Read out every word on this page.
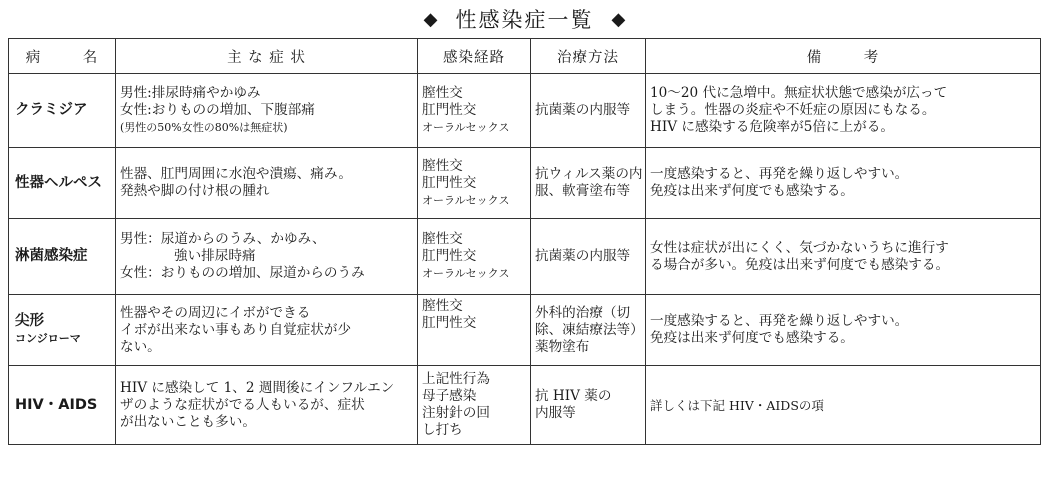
◆ 性感染症一覧 ◆
病　名	主 な 症 状	感染経路	治療方法	備　考

クラミジア	男性:排尿時痛やかゆみ
女性:おりものの増加、下腹部痛
(男性の50%女性の80%は無症状)	膣性交
肛門性交
オーラルセックス	抗菌薬の内服等	10～20 代に急増中。無症状状態で感染が広って
しまう。性器の炎症や不妊症の原因にもなる。
HIV に感染する危険率が5倍に上がる。

性器ヘルペス	性器、肛門周囲に水泡や潰瘍、痛み。
発熱や脚の付け根の腫れ	膣性交
肛門性交
オーラルセックス	抗ウィルス薬の内
服、軟膏塗布等	一度感染すると、再発を繰り返しやすい。
免疫は出来ず何度でも感染する。

淋菌感染症	男性：尿道からのうみ、かゆみ、
強い排尿時痛
女性：おりものの増加、尿道からのうみ	膣性交
肛門性交
オーラルセックス	抗菌薬の内服等	女性は症状が出にくく、気づかないうちに進行す
る場合が多い。免疫は出来ず何度でも感染する。

尖形
コンジローマ	性器やその周辺にイボができる
イボが出来ない事もあり自覚症状が少
ない。	膣性交
肛門性交	外科的治療（切
除、凍結療法等）
薬物塗布	一度感染すると、再発を繰り返しやすい。
免疫は出来ず何度でも感染する。

HIV・AIDS	HIV に感染して 1、2 週間後にインフルエン
ザのような症状がでる人もいるが、症状
が出ないことも多い。	上記性行為
母子感染
注射針の回
し打ち	抗 HIV 薬の
内服等	詳しくは下記 HIV・AIDSの項
